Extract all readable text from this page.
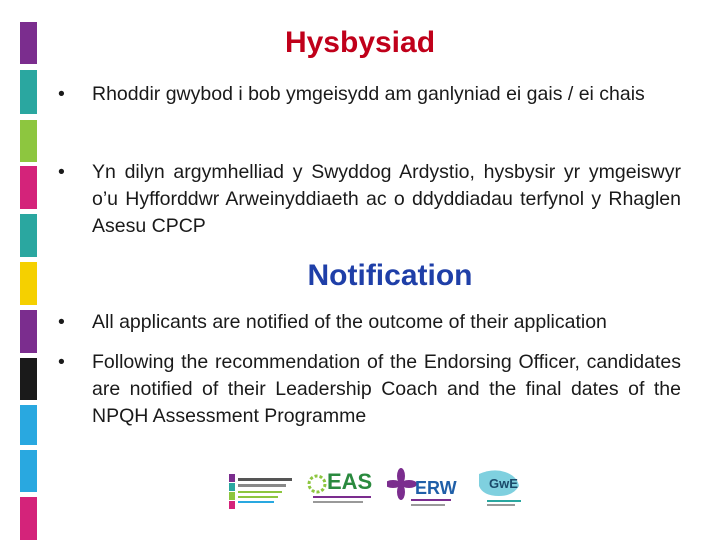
Hysbysiad
•	Rhoddir gwybod i bob ymgeisydd am ganlyniad ei gais / ei chais
•	Yn dilyn argymhelliad y Swyddog Ardystio, hysbysir yr ymgeiswyr o’u Hyfforddwr Arweinyddiaeth ac o ddyddiadau terfynol y Rhaglen Asesu CPCP
Notification
•	All applicants are notified of the outcome of their application
•	Following the recommendation of the Endorsing Officer, candidates are notified of their Leadership Coach and the final dates of the NPQH Assessment Programme
EAS ERW GwE
